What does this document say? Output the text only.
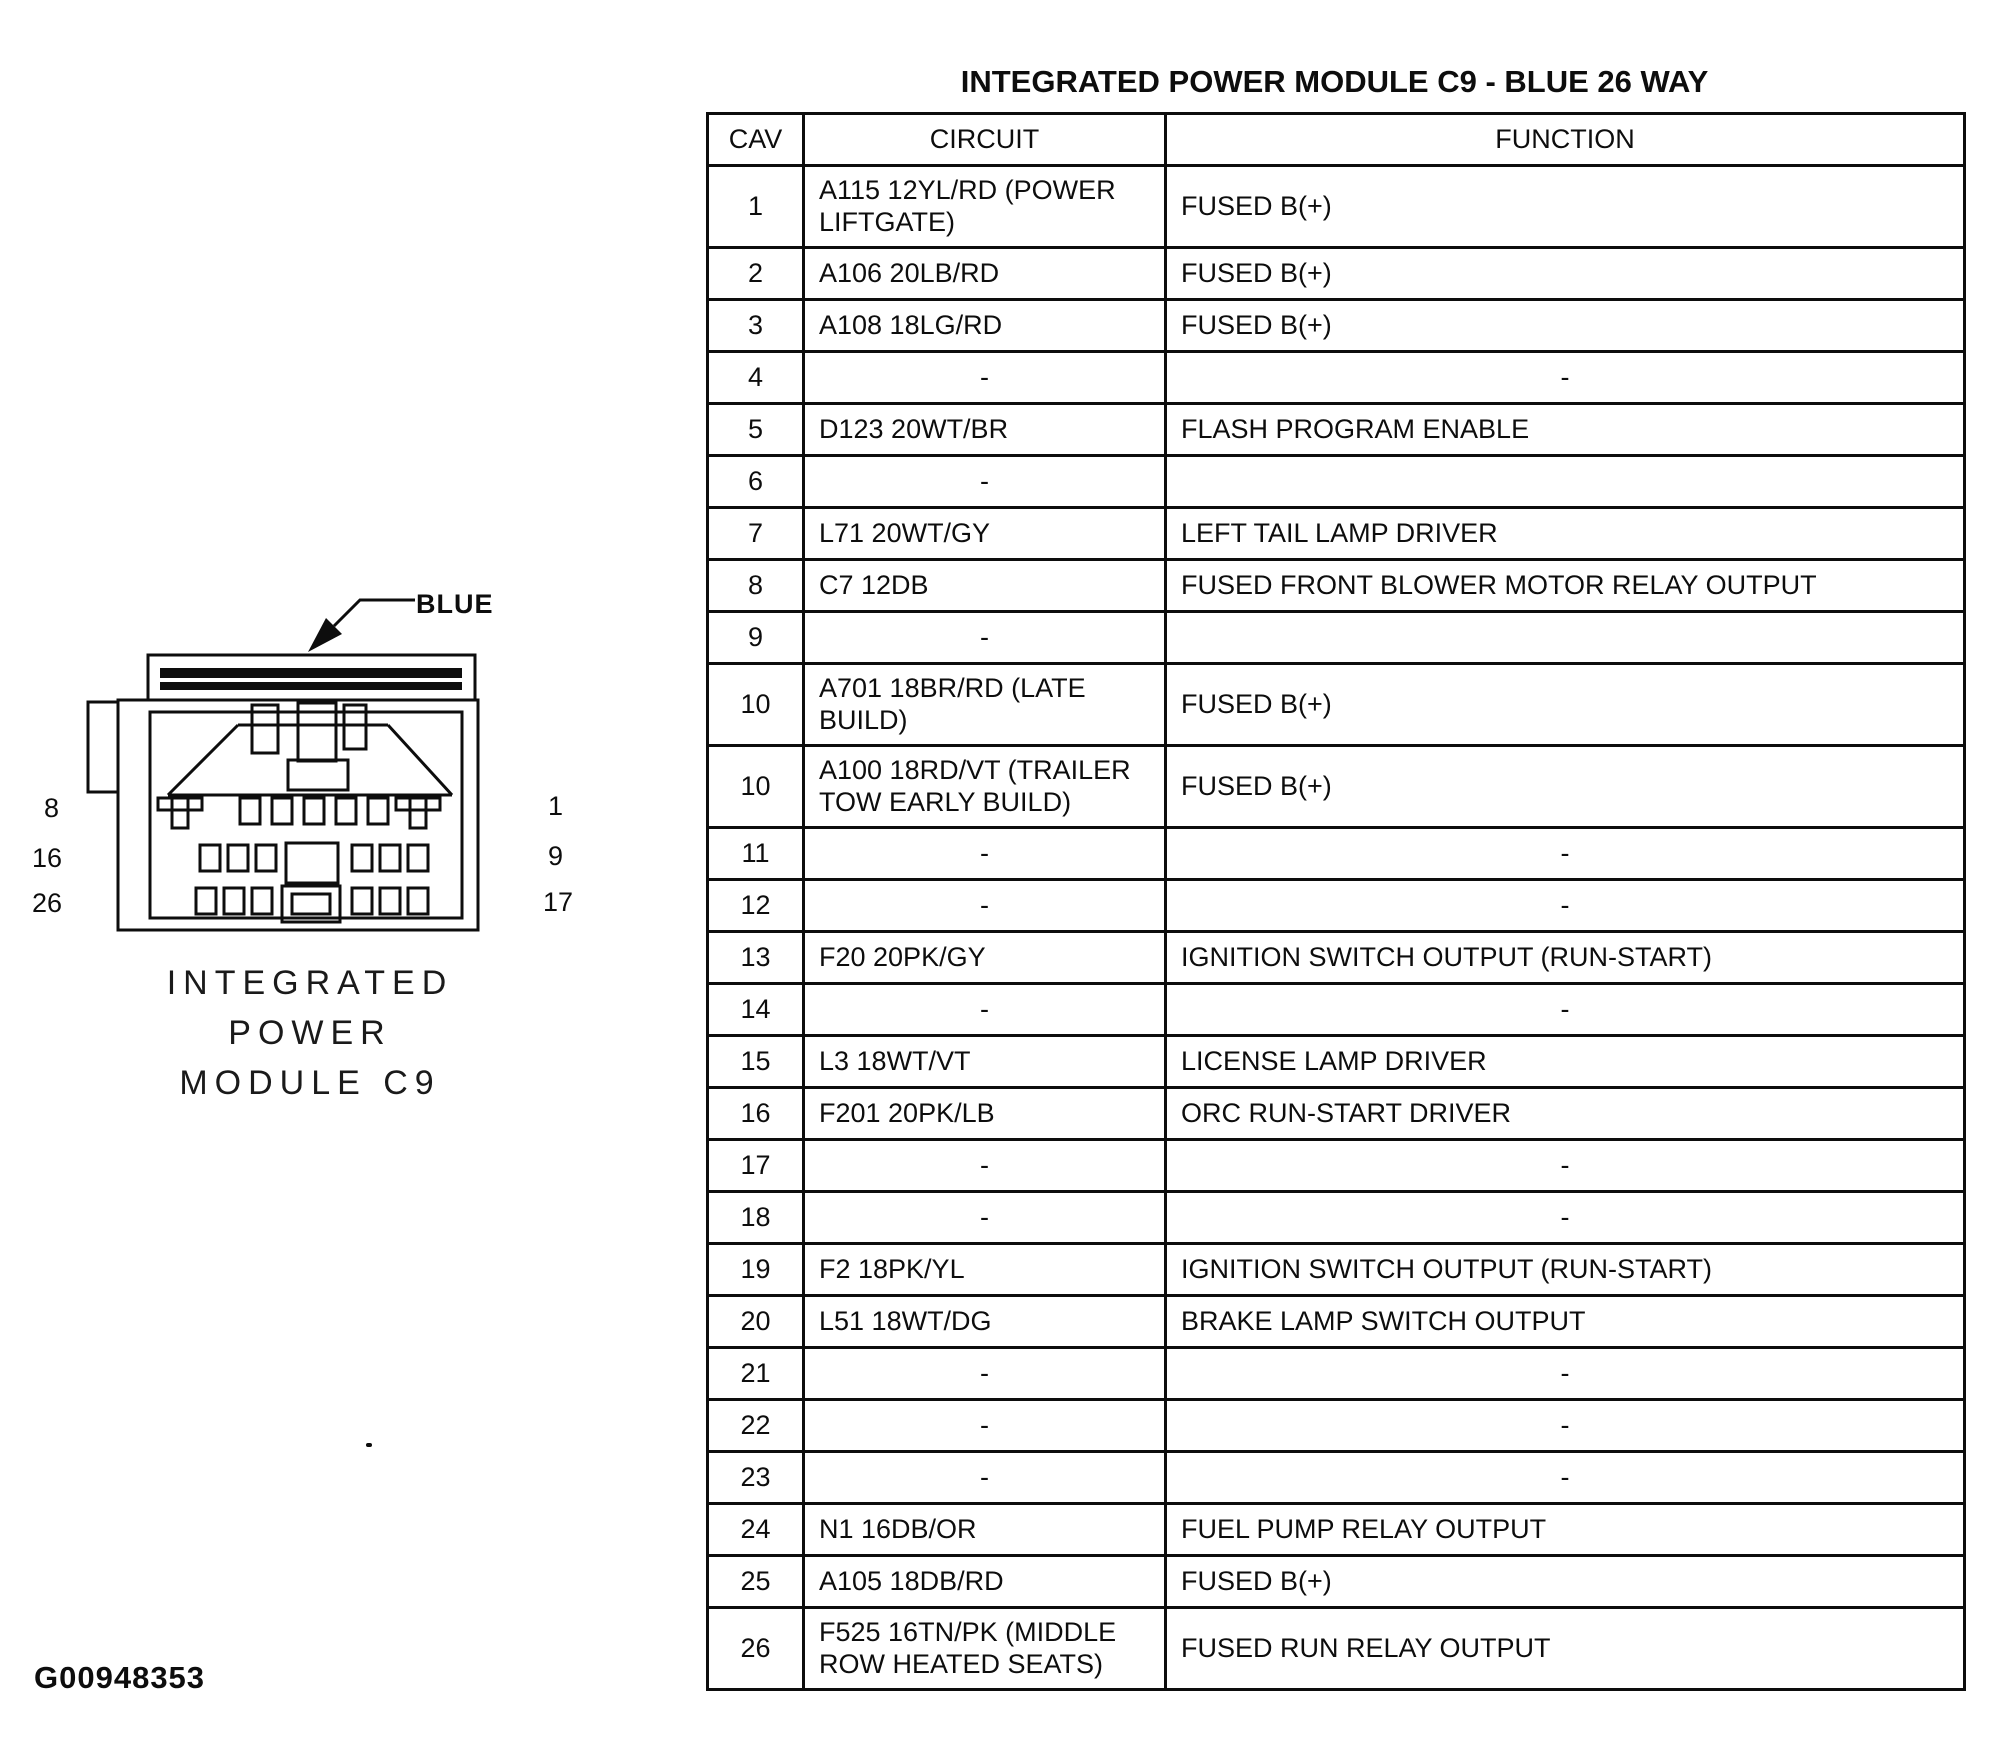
INTEGRATED POWER MODULE C9 - BLUE 26 WAY
CAV	CIRCUIT	FUNCTION
1	A115 12YL/RD (POWER LIFTGATE)	FUSED B(+)
2	A106 20LB/RD	FUSED B(+)
3	A108 18LG/RD	FUSED B(+)
4	-	-
5	D123 20WT/BR	FLASH PROGRAM ENABLE
6	-	
7	L71 20WT/GY	LEFT TAIL LAMP DRIVER
8	C7 12DB	FUSED FRONT BLOWER MOTOR RELAY OUTPUT
9	-	
10	A701 18BR/RD (LATE BUILD)	FUSED B(+)
10	A100 18RD/VT (TRAILER TOW EARLY BUILD)	FUSED B(+)
11	-	-
12	-	-
13	F20 20PK/GY	IGNITION SWITCH OUTPUT (RUN-START)
14	-	-
15	L3 18WT/VT	LICENSE LAMP DRIVER
16	F201 20PK/LB	ORC RUN-START DRIVER
17	-	-
18	-	-
19	F2 18PK/YL	IGNITION SWITCH OUTPUT (RUN-START)
20	L51 18WT/DG	BRAKE LAMP SWITCH OUTPUT
21	-	-
22	-	-
23	-	-
24	N1 16DB/OR	FUEL PUMP RELAY OUTPUT
25	A105 18DB/RD	FUSED B(+)
26	F525 16TN/PK (MIDDLE ROW HEATED SEATS)	FUSED RUN RELAY OUTPUT
BLUE
8
16
26
1
9
17
INTEGRATED
POWER
MODULE C9
G00948353
